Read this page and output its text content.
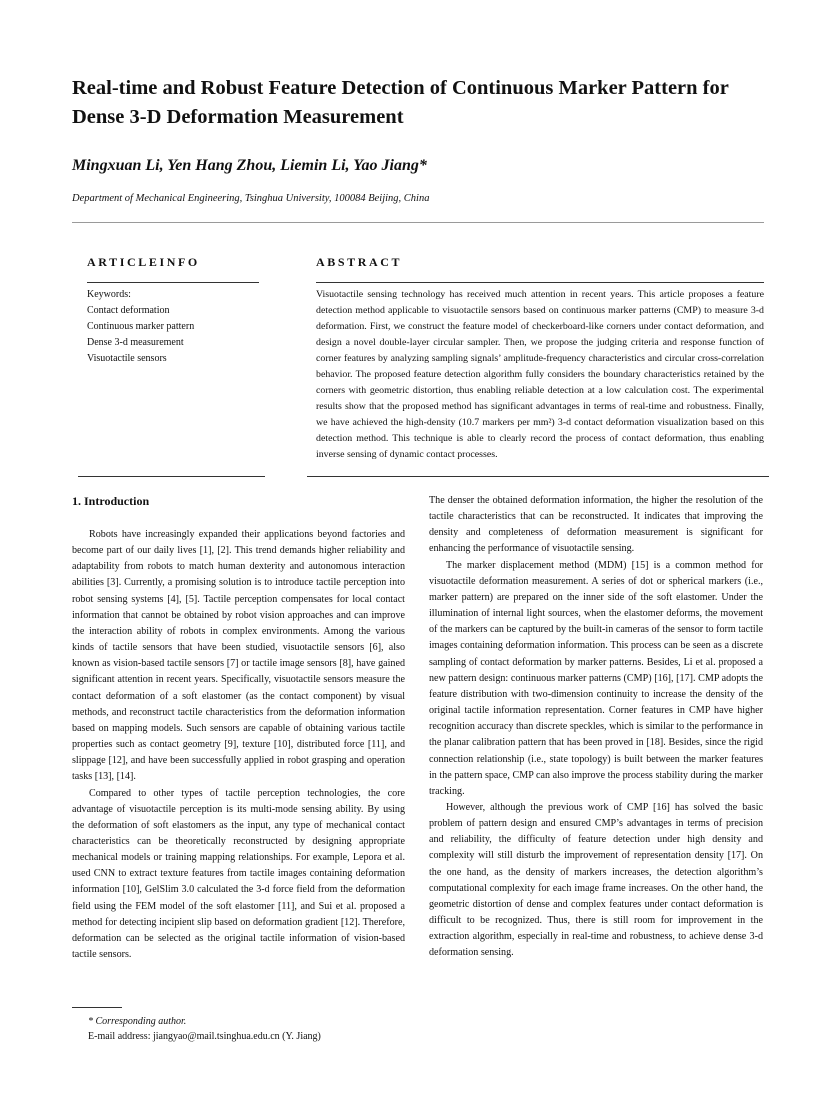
Real-time and Robust Feature Detection of Continuous Marker Pattern for Dense 3-D Deformation Measurement
Mingxuan Li, Yen Hang Zhou, Liemin Li, Yao Jiang*
Department of Mechanical Engineering, Tsinghua University, 100084 Beijing, China
ARTICLEINFO	ABSTRACT
Keywords:
Contact deformation
Continuous marker pattern
Dense 3-d measurement
Visuotactile sensors
Visuotactile sensing technology has received much attention in recent years. This article proposes a feature detection method applicable to visuotactile sensors based on continuous marker patterns (CMP) to measure 3-d deformation. First, we construct the feature model of checkerboard-like corners under contact deformation, and design a novel double-layer circular sampler. Then, we propose the judging criteria and response function of corner features by analyzing sampling signals’ amplitude-frequency characteristics and circular cross-correlation behavior. The proposed feature detection algorithm fully considers the boundary characteristics retained by the corners with geometric distortion, thus enabling reliable detection at a low calculation cost. The experimental results show that the proposed method has significant advantages in terms of real-time and robustness. Finally, we have achieved the high-density (10.7 markers per mm²) 3-d contact deformation visualization based on this detection method. This technique is able to clearly record the process of contact deformation, thus enabling inverse sensing of dynamic contact processes.
1. Introduction

Robots have increasingly expanded their applications beyond factories and become part of our daily lives [1], [2]. This trend demands higher reliability and adaptability from robots to match human dexterity and autonomous interaction abilities [3]. Currently, a promising solution is to introduce tactile perception into robot sensing systems [4], [5]. Tactile perception compensates for local contact information that cannot be obtained by robot vision approaches and can improve the interaction ability of robots in complex environments. Among the various kinds of tactile sensors that have been studied, visuotactile sensors [6], also known as vision-based tactile sensors [7] or tactile image sensors [8], have gained significant attention in recent years. Specifically, visuotactile sensors measure the contact deformation of a soft elastomer (as the contact component) by visual methods, and reconstruct tactile characteristics from the deformation information based on mapping models. Such sensors are capable of obtaining various tactile properties such as contact geometry [9], texture [10], distributed force [11], and slippage [12], and have been successfully applied in robot grasping and operation tasks [13], [14].

Compared to other types of tactile perception technologies, the core advantage of visuotactile perception is its multi-mode sensing ability. By using the deformation of soft elastomers as the input, any type of mechanical contact characteristics can be theoretically reconstructed by designing appropriate mechanical models or training mapping relationships. For example, Lepora et al. used CNN to extract texture features from tactile images containing deformation information [10], GelSlim 3.0 calculated the 3-d force field from the deformation field using the FEM model of the soft elastomer [11], and Sui et al. proposed a method for detecting incipient slip based on deformation gradient [12]. Therefore, deformation can be selected as the original tactile information of vision-based tactile sensors.

The denser the obtained deformation information, the higher the resolution of the tactile characteristics that can be reconstructed. It indicates that improving the density and completeness of deformation measurement is significant for enhancing the performance of visuotactile sensing.

The marker displacement method (MDM) [15] is a common method for visuotactile deformation measurement. A series of dot or spherical markers (i.e., marker pattern) are prepared on the inner side of the soft elastomer. Under the illumination of internal light sources, when the elastomer deforms, the movement of the markers can be captured by the built-in cameras of the sensor to form tactile images containing deformation information. This process can be seen as a discrete sampling of contact deformation by marker patterns. Besides, Li et al. proposed a new pattern design: continuous marker patterns (CMP) [16], [17]. CMP adopts the feature distribution with two-dimension continuity to increase the density of the original tactile information representation. Corner features in CMP have higher recognition accuracy than discrete speckles, which is similar to the performance in the planar calibration pattern that has been proved in [18]. Besides, since the rigid connection relationship (i.e., state topology) is built between the marker features in the pattern space, CMP can also improve the process stability during the marker tracking.

However, although the previous work of CMP [16] has solved the basic problem of pattern design and ensured CMP’s advantages in terms of precision and reliability, the difficulty of feature detection under high density and complexity will still disturb the improvement of representation density [17]. On the one hand, as the density of markers increases, the detection algorithm’s computational complexity for each image frame increases. On the other hand, the geometric distortion of dense and complex features under contact deformation is difficult to be recognized. Thus, there is still room for improvement in the extraction algorithm, especially in real-time and robustness, to achieve dense 3-d deformation sensing.

* Corresponding author.
E-mail address: jiangyao@mail.tsinghua.edu.cn (Y. Jiang)
